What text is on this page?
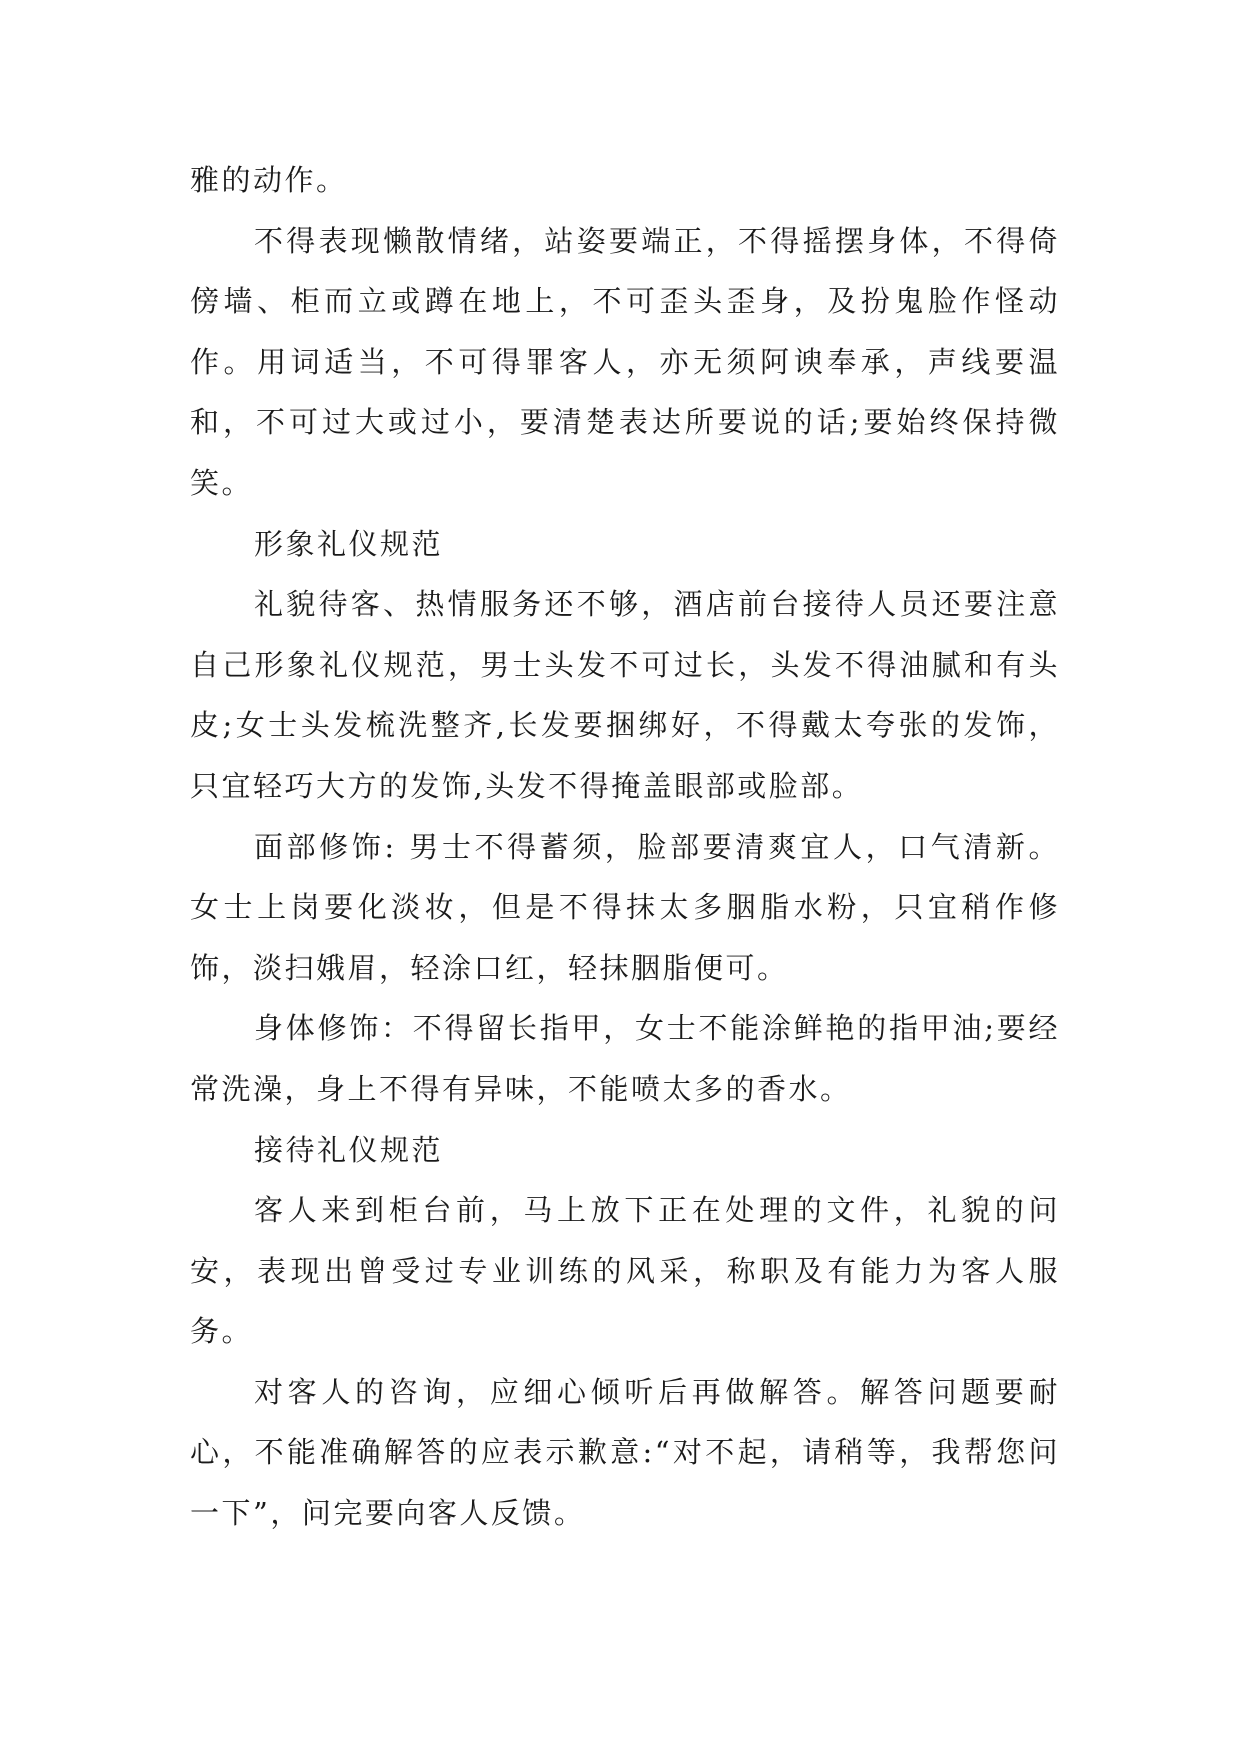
雅的动作。

不得表现懒散情绪，站姿要端正，不得摇摆身体，不得倚傍墙、柜而立或蹲在地上，不可歪头歪身，及扮鬼脸作怪动作。用词适当，不可得罪客人，亦无须阿谀奉承，声线要温和，不可过大或过小，要清楚表达所要说的话;要始终保持微笑。

形象礼仪规范

礼貌待客、热情服务还不够，酒店前台接待人员还要注意自己形象礼仪规范，男士头发不可过长，头发不得油腻和有头皮;女士头发梳洗整齐,长发要捆绑好，不得戴太夸张的发饰，只宜轻巧大方的发饰,头发不得掩盖眼部或脸部。

面部修饰: 男士不得蓄须，脸部要清爽宜人，口气清新。女士上岗要化淡妆，但是不得抹太多胭脂水粉，只宜稍作修饰，淡扫娥眉，轻涂口红，轻抹胭脂便可。

身体修饰：不得留长指甲，女士不能涂鲜艳的指甲油;要经常洗澡，身上不得有异味，不能喷太多的香水。

接待礼仪规范

客人来到柜台前，马上放下正在处理的文件，礼貌的问安，表现出曾受过专业训练的风采，称职及有能力为客人服务。

对客人的咨询，应细心倾听后再做解答。解答问题要耐心，不能准确解答的应表示歉意:“对不起，请稍等，我帮您问一下”，问完要向客人反馈。
